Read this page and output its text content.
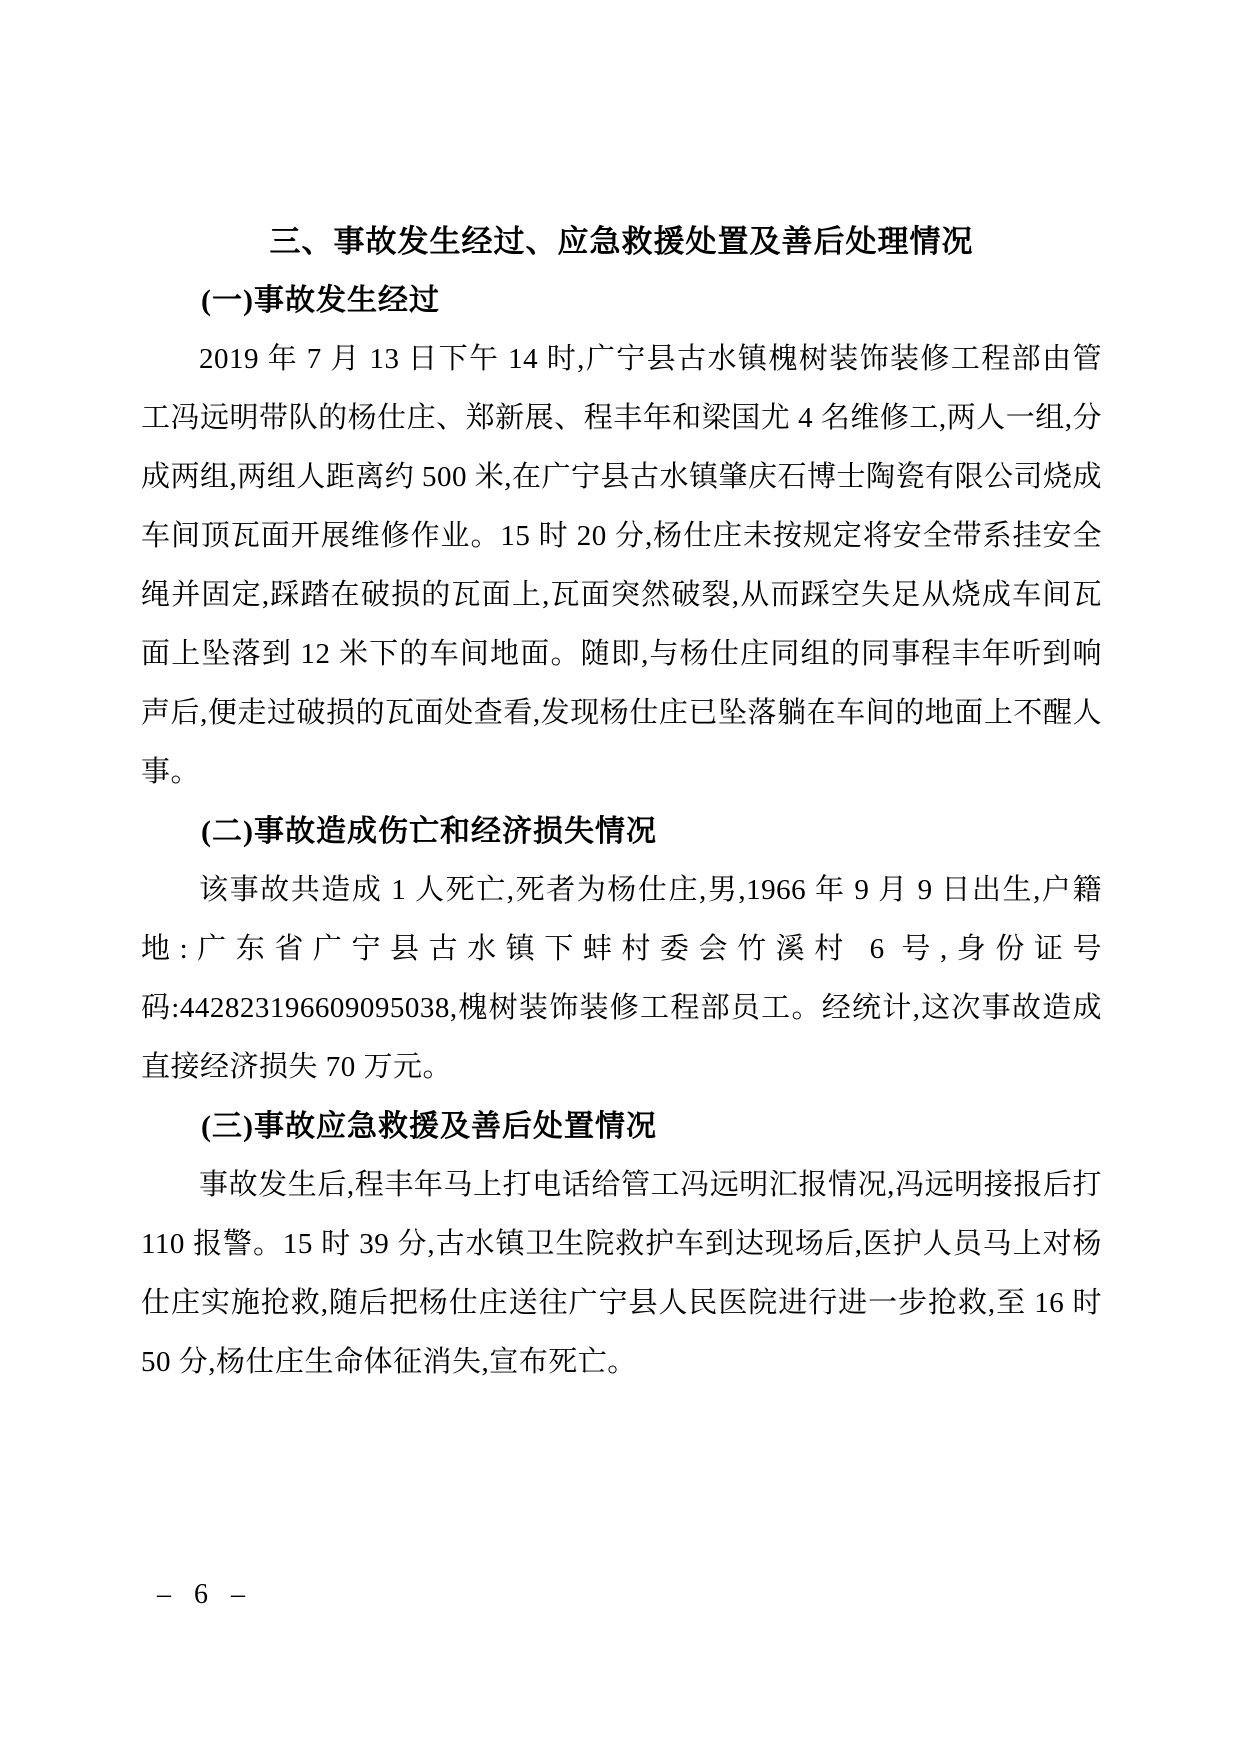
三、事故发生经过、应急救援处置及善后处理情况
(一)事故发生经过
2019 年 7 月 13 日下午 14 时,广宁县古水镇槐树装饰装修工程部由管工冯远明带队的杨仕庄、郑新展、程丰年和梁国尤 4 名维修工,两人一组,分成两组,两组人距离约 500 米,在广宁县古水镇肇庆石博士陶瓷有限公司烧成车间顶瓦面开展维修作业。15 时 20 分,杨仕庄未按规定将安全带系挂安全绳并固定,踩踏在破损的瓦面上,瓦面突然破裂,从而踩空失足从烧成车间瓦面上坠落到 12 米下的车间地面。随即,与杨仕庄同组的同事程丰年听到响声后,便走过破损的瓦面处查看,发现杨仕庄已坠落躺在车间的地面上不醒人事。
(二)事故造成伤亡和经济损失情况
该事故共造成 1 人死亡,死者为杨仕庄,男,1966 年 9 月 9 日出生,户籍地:广东省广宁县古水镇下蚌村委会竹溪村 6 号,身份证号码:442823196609095038,槐树装饰装修工程部员工。经统计,这次事故造成直接经济损失 70 万元。
(三)事故应急救援及善后处置情况
事故发生后,程丰年马上打电话给管工冯远明汇报情况,冯远明接报后打 110 报警。15 时 39 分,古水镇卫生院救护车到达现场后,医护人员马上对杨仕庄实施抢救,随后把杨仕庄送往广宁县人民医院进行进一步抢救,至 16 时 50 分,杨仕庄生命体征消失,宣布死亡。
– 6 –
